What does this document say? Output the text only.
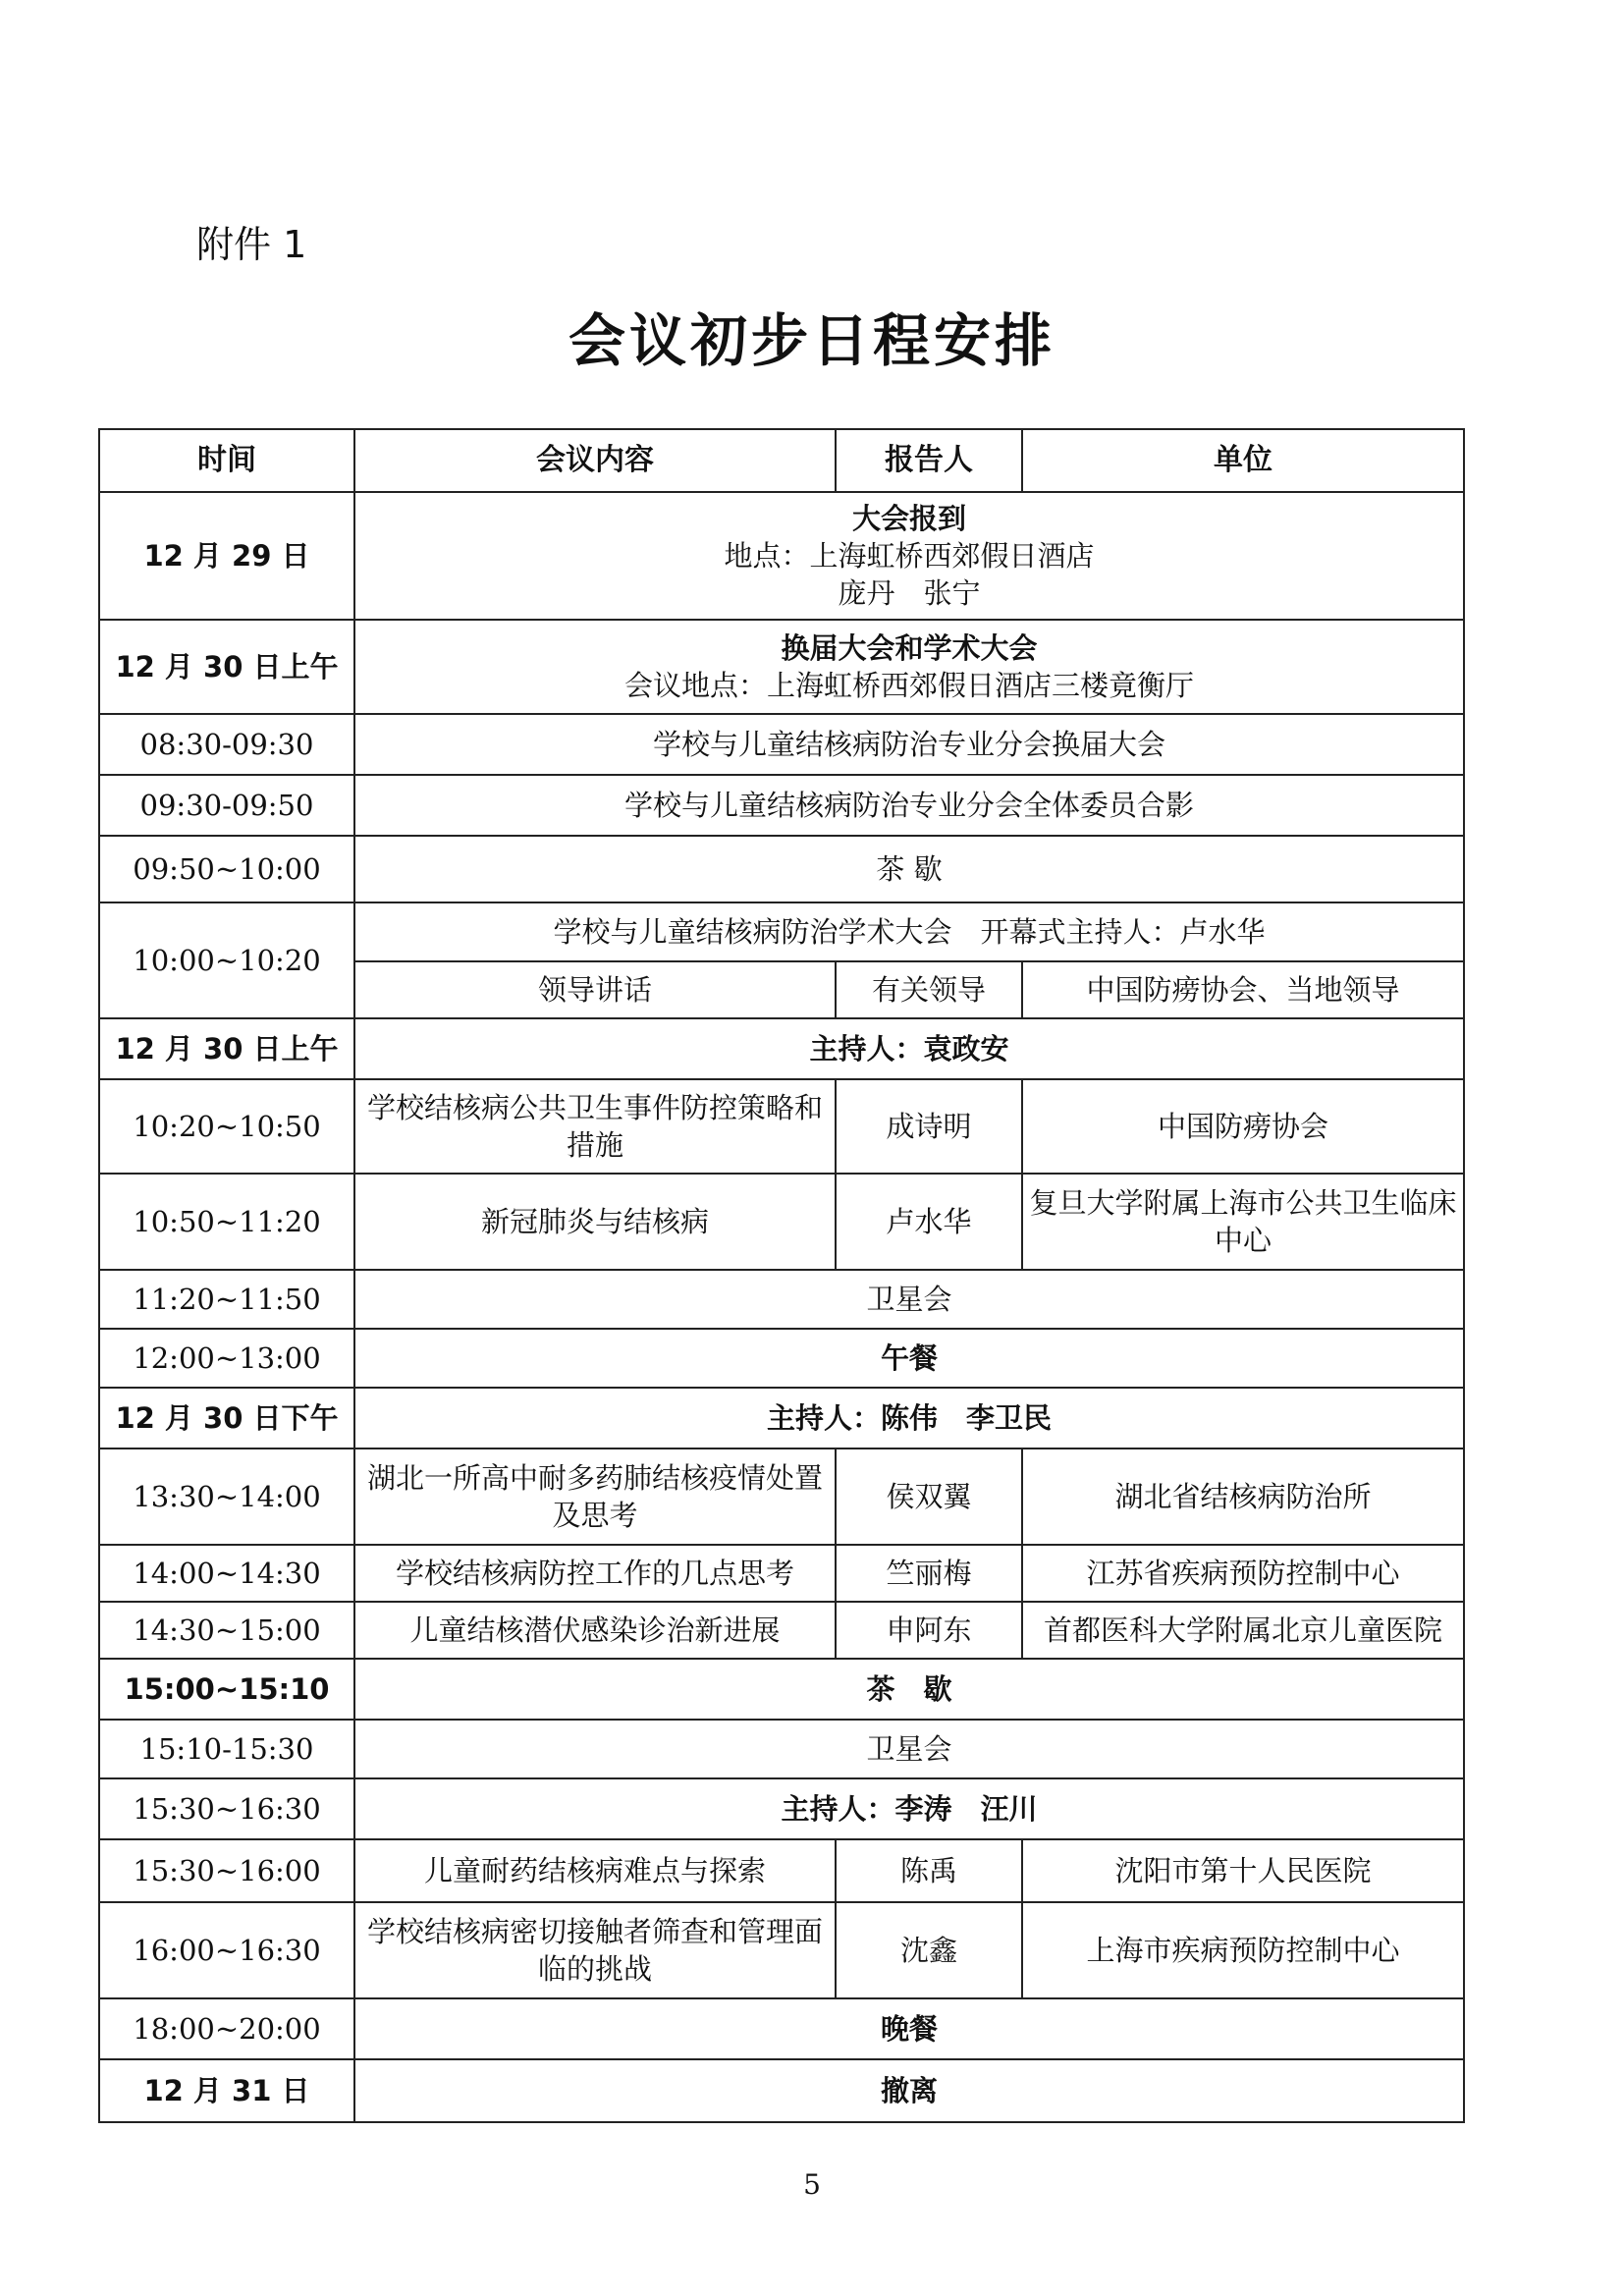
附件 1
会议初步日程安排
时间	会议内容	报告人	单位
12 月 29 日	大会报到
地点：上海虹桥西郊假日酒店
庞丹　张宁		

12 月 30 日上午	换届大会和学术大会
会议地点：上海虹桥西郊假日酒店三楼竟衡厅		

08:30-09:30	学校与儿童结核病防治专业分会换届大会		
09:30-09:50	学校与儿童结核病防治专业分会全体委员合影		
09:50~10:00	茶 歇		
10:00~10:20	学校与儿童结核病防治学术大会　开幕式主持人：卢水华		
	领导讲话	有关领导	中国防痨协会、当地领导
12 月 30 日上午	主持人：袁政安		
10:20~10:50	学校结核病公共卫生事件防控策略和措施	成诗明	中国防痨协会
10:50~11:20	新冠肺炎与结核病	卢水华	复旦大学附属上海市公共卫生临床中心
11:20~11:50	卫星会		
12:00~13:00	午餐		
12 月 30 日下午	主持人：陈伟　李卫民		
13:30~14:00	湖北一所高中耐多药肺结核疫情处置及思考	侯双翼	湖北省结核病防治所
14:00~14:30	学校结核病防控工作的几点思考	竺丽梅	江苏省疾病预防控制中心
14:30~15:00	儿童结核潜伏感染诊治新进展	申阿东	首都医科大学附属北京儿童医院
15:00~15:10	茶　歇		
15:10-15:30	卫星会		
15:30~16:30	主持人：李涛　汪川		
15:30~16:00	儿童耐药结核病难点与探索	陈禹	沈阳市第十人民医院
16:00~16:30	学校结核病密切接触者筛查和管理面临的挑战	沈鑫	上海市疾病预防控制中心
18:00~20:00	晚餐		
12 月 31 日	撤离		
5
